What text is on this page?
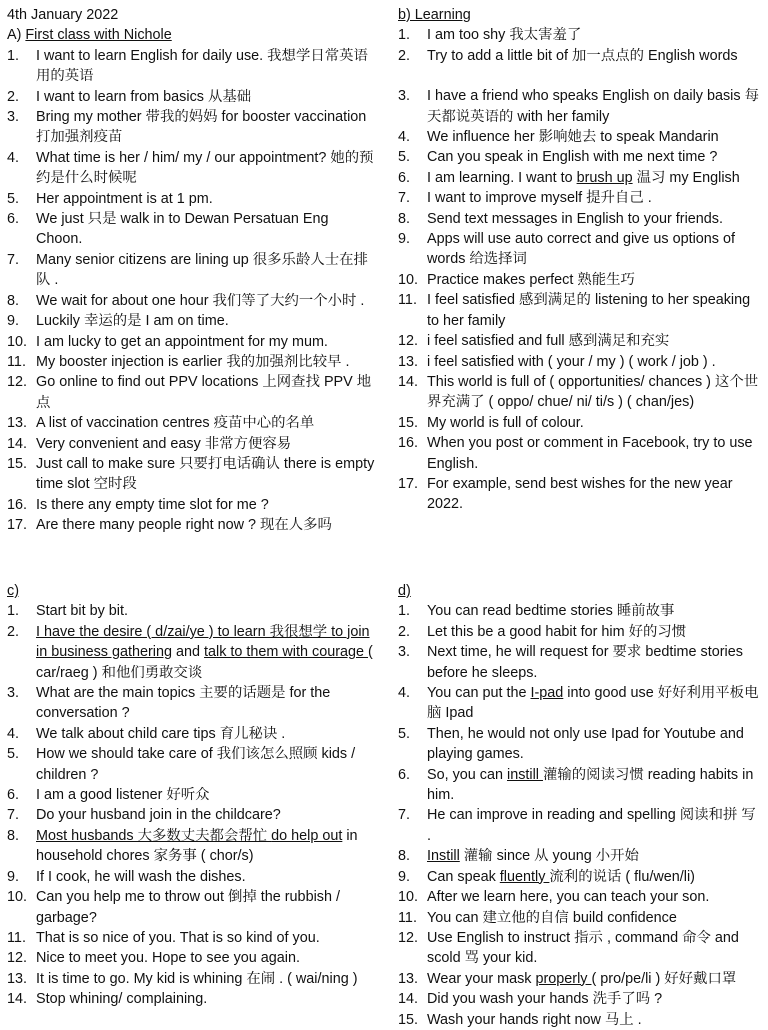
4th January 2022
A) First class with Nichole
1. I want to learn English for daily use. 我想学日常英语 用的英语
2. I want to learn from basics 从基础
3. Bring my mother 带我的妈妈 for booster vaccination 打加强剂疫苗
4. What time is her / him/ my / our appointment? 她的预约是什么时候呢
5. Her appointment is at 1 pm.
6. We just 只是 walk in to Dewan Persatuan Eng Choon.
7. Many senior citizens are lining up 很多乐龄人士在排队 .
8. We wait for about one hour 我们等了大约一个小时 .
9. Luckily 幸运的是 I am on time.
10. I am lucky to get an appointment for my mum.
11. My booster injection is earlier 我的加强剂比较早 .
12. Go online to find out PPV locations 上网查找 PPV 地点
13. A list of vaccination centres 疫苗中心的名单
14. Very convenient and easy 非常方便容易
15. Just call to make sure 只要打电话确认 there is empty time slot 空时段
16. Is there any empty time slot for me ?
17. Are there many people right now ? 现在人多吗
b) Learning
1. I am too shy 我太害羞了
2. Try to add a little bit of 加一点点的 English words
3. I have a friend who speaks English on daily basis 每天都说英语的 with her family
4. We influence her 影响她去 to speak Mandarin
5. Can you speak in English with me next time ?
6. I am learning. I want to brush up 温习 my English
7. I want to improve myself 提升自己 .
8. Send text messages in English to your friends.
9. Apps will use auto correct and give us options of words 给选择词
10. Practice makes perfect 熟能生巧
11. I feel satisfied 感到满足的 listening to her speaking to her family
12. i feel satisfied and full 感到满足和充实
13. i feel satisfied with ( your / my ) ( work / job ) .
14. This world is full of ( opportunities/ chances ) 这个世界充满了 ( oppo/ chue/ ni/ ti/s ) ( chan/jes)
15. My world is full of colour.
16. When you post or comment in Facebook, try to use English.
17. For example, send best wishes for the new year 2022.
c)
1. Start bit by bit.
2. I have the desire ( d/zai/ye ) to learn 我很想学 to join in business gathering and talk to them with courage ( car/raeg ) 和他们勇敢交谈
3. What are the main topics 主要的话题是 for the conversation ?
4. We talk about child care tips 育儿秘诀 .
5. How we should take care of 我们该怎么照顾 kids / children ?
6. I am a good listener 好听众
7. Do your husband join in the childcare?
8. Most husbands 大多数丈夫都会帮忙 do help out in household chores 家务事 ( chor/s)
9. If I cook, he will wash the dishes.
10. Can you help me to throw out 倒掉 the rubbish / garbage?
11. That is so nice of you. That is so kind of you.
12. Nice to meet you. Hope to see you again.
13. It is time to go. My kid is whining 在闹 . ( wai/ning )
14. Stop whining/ complaining.
d)
1. You can read bedtime stories 睡前故事
2. Let this be a good habit for him 好的习惯
3. Next time, he will request for 要求 bedtime stories before he sleeps.
4. You can put the I-pad into good use 好好利用平板电脑 Ipad
5. Then, he would not only use Ipad for Youtube and playing games.
6. So, you can instill 灌输的阅读习惯 reading habits in him.
7. He can improve in reading and spelling 阅读和拼 写 .
8. Instill 灌输 since 从 young 小开始
9. Can speak fluently 流利的说话 ( flu/wen/li)
10. After we learn here, you can teach your son.
11. You can 建立他的自信 build confidence
12. Use English to instruct 指示 , command 命令 and scold 骂 your kid.
13. Wear your mask properly ( pro/pe/li ) 好好戴口罩
14. Did you wash your hands 洗手了吗 ?
15. Wash your hands right now 马上 .
